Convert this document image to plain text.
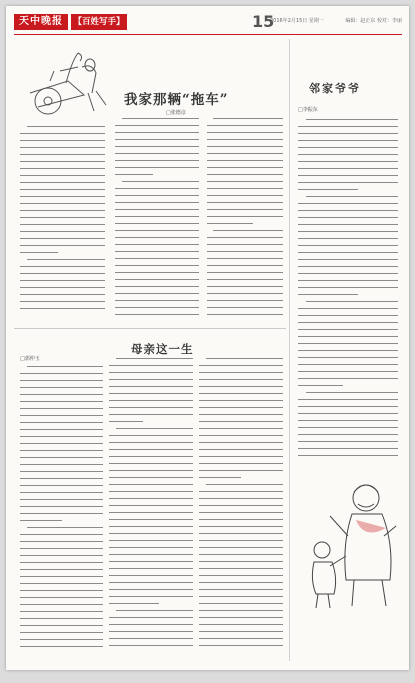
天中晚报	【百姓写手】	15
2016年2月15日 星期一	编辑：赵正东 校对：李丽
我家那辆“拖车”
□张德彦
母亲这一生
□郭仲玉
邻家爷爷
□李振东
